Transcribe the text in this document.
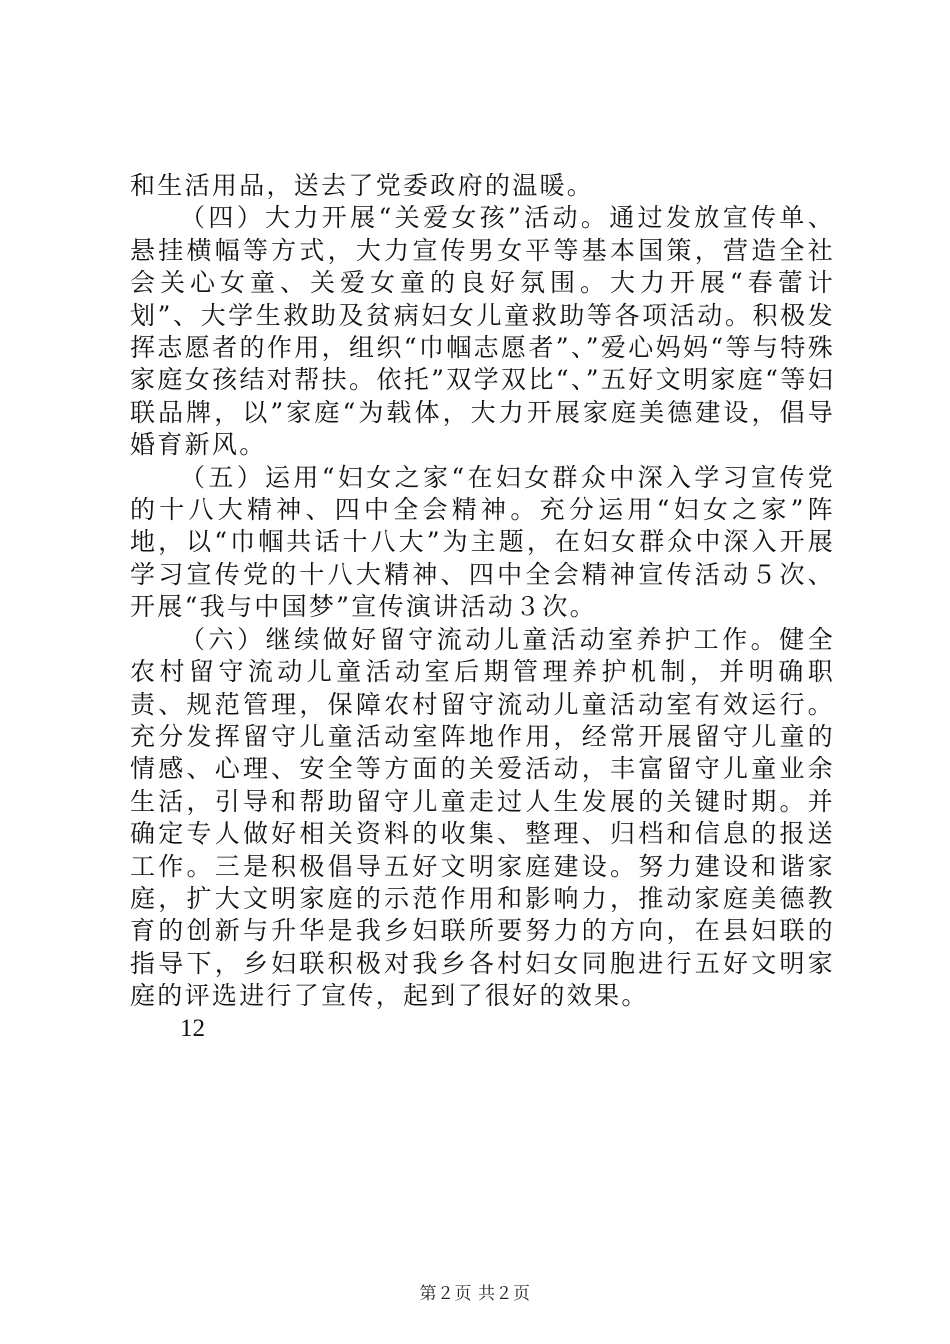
和生活用品，送去了党委政府的温暖。

（四）大力开展“关爱女孩”活动。通过发放宣传单、悬挂横幅等方式，大力宣传男女平等基本国策，营造全社会关心女童、关爱女童的良好氛围。大力开展“春蕾计划”、大学生救助及贫病妇女儿童救助等各项活动。积极发挥志愿者的作用，组织“巾帼志愿者”、”爱心妈妈“等与特殊家庭女孩结对帮扶。依托”双学双比“、”五好文明家庭“等妇联品牌，以”家庭“为载体，大力开展家庭美德建设，倡导婚育新风。

（五）运用“妇女之家“在妇女群众中深入学习宣传党的十八大精神、四中全会精神。充分运用“妇女之家”阵地，以“巾帼共话十八大”为主题，在妇女群众中深入开展学习宣传党的十八大精神、四中全会精神宣传活动５次、开展“我与中国梦”宣传演讲活动３次。

（六）继续做好留守流动儿童活动室养护工作。健全农村留守流动儿童活动室后期管理养护机制，并明确职责、规范管理，保障农村留守流动儿童活动室有效运行。充分发挥留守儿童活动室阵地作用，经常开展留守儿童的情感、心理、安全等方面的关爱活动，丰富留守儿童业余生活，引导和帮助留守儿童走过人生发展的关键时期。并确定专人做好相关资料的收集、整理、归档和信息的报送工作。三是积极倡导五好文明家庭建设。努力建设和谐家庭，扩大文明家庭的示范作用和影响力，推动家庭美德教育的创新与升华是我乡妇联所要努力的方向，在县妇联的指导下，乡妇联积极对我乡各村妇女同胞进行五好文明家庭的评选进行了宣传，起到了很好的效果。

12

第２页 共２页
